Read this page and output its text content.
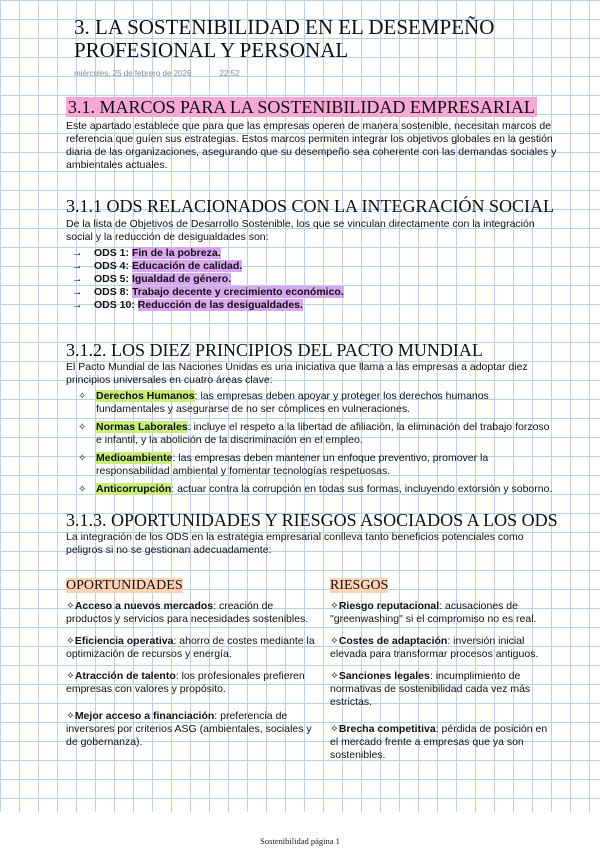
3. LA SOSTENIBILIDAD EN EL DESEMPEÑO PROFESIONAL Y PERSONAL
miércoles, 25 de febrero de 2026	22:52
3.1. MARCOS PARA LA SOSTENIBILIDAD EMPRESARIAL
Este apartado establece que para que las empresas operen de manera sostenible, necesitan marcos de referencia que guíen sus estrategias. Estos marcos permiten integrar los objetivos globales en la gestión diaria de las organizaciones, asegurando que su desempeño sea coherente con las demandas sociales y ambientales actuales.
3.1.1 ODS RELACIONADOS CON LA INTEGRACIÓN SOCIAL
De la lista de Objetivos de Desarrollo Sostenible, los que se vinculan directamente con la integración social y la reducción de desigualdades son:
→ ODS 1: Fin de la pobreza.
→ ODS 4: Educación de calidad.
→ ODS 5: Igualdad de género.
→ ODS 8: Trabajo decente y crecimiento económico.
→ ODS 10: Reducción de las desigualdades.
3.1.2. LOS DIEZ PRINCIPIOS DEL PACTO MUNDIAL
El Pacto Mundial de las Naciones Unidas es una iniciativa que llama a las empresas a adoptar diez principios universales en cuatro áreas clave:
✧ Derechos Humanos: las empresas deben apoyar y proteger los derechos humanos fundamentales y asegurarse de no ser cómplices en vulneraciones.
✧ Normas Laborales: incluye el respeto a la libertad de afiliación, la eliminación del trabajo forzoso e infantil, y la abolición de la discriminación en el empleo.
✧ Medioambiente: las empresas deben mantener un enfoque preventivo, promover la responsabilidad ambiental y fomentar tecnologías respetuosas.
✧ Anticorrupción: actuar contra la corrupción en todas sus formas, incluyendo extorsión y soborno.
3.1.3. OPORTUNIDADES Y RIESGOS ASOCIADOS A LOS ODS
La integración de los ODS en la estrategia empresarial conlleva tanto beneficios potenciales como peligros si no se gestionan adecuadamente:
OPORTUNIDADES	RIESGOS
✧Acceso a nuevos mercados: creación de productos y servicios para necesidades sostenibles.
✧Eficiencia operativa: ahorro de costes mediante la optimización de recursos y energía.
✧Atracción de talento: los profesionales prefieren empresas con valores y propósito.
✧Mejor acceso a financiación: preferencia de inversores por criterios ASG (ambientales, sociales y de gobernanza).
✧Riesgo reputacional: acusaciones de "greenwashing" si el compromiso no es real.
✧Costes de adaptación: inversión inicial elevada para transformar procesos antiguos.
✧Sanciones legales: incumplimiento de normativas de sostenibilidad cada vez más estrictas.
✧Brecha competitiva: pérdida de posición en el mercado frente a empresas que ya son sostenibles.
Sostenibilidad página 1
